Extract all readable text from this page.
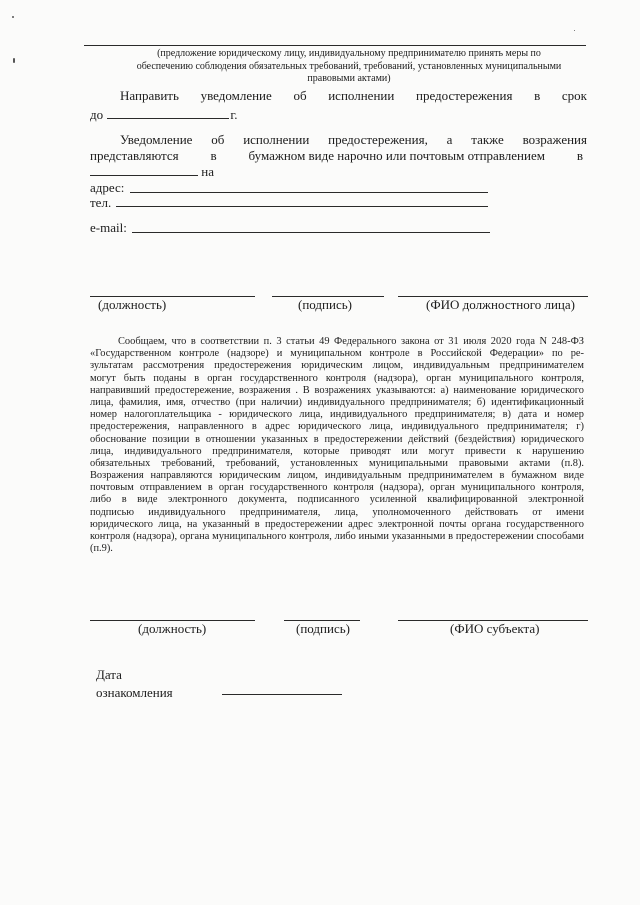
(предложение юридическому лицу, индивидуальному предпринимателю принять меры по
обеспечению соблюдения обязательных требований, требований, установленных муниципальными
правовыми актами)
Направить уведомление об исполнении предостережения в срок
до	г.
Уведомление об исполнении предостережения, а также возражения
представляются в бумажном виде нарочно или почтовым отправлением в
на
адрес:
тел.
e-mail:
(должность)	(подпись)	(ФИО должностного лица)
Сообщаем, что в соответствии п. 3 статьи 49 Федерального закона от 31 июля 2020 года N 248-ФЗ
«Государственном контроле (надзоре) и муниципальном контроле в Российской Федерации» по ре-
зультатам рассмотрения предостережения юридическим лицом, индивидуальным предпринимателем
могут быть поданы в орган государственного контроля (надзора), орган муниципального контроля,
направивший предостережение, возражения . В возражениях указываются: а) наименование юридического
лица, фамилия, имя, отчество (при наличии) индивидуального предпринимателя; б) идентификационный
номер налогоплательщика - юридического лица, индивидуального предпринимателя; в) дата и номер
предостережения, направленного в адрес юридического лица, индивидуального предпринимателя; г)
обоснование позиции в отношении указанных в предостережении действий (бездействия) юридического
лица, индивидуального предпринимателя, которые приводят или могут привести к нарушению
обязательных требований, требований, установленных муниципальными правовыми актами (п.8).
Возражения направляются юридическим лицом, индивидуальным предпринимателем в бумажном виде
почтовым отправлением в орган государственного контроля (надзора), орган муниципального контроля,
либо в виде электронного документа, подписанного усиленной квалифицированной электронной
подписью индивидуального предпринимателя, лица, уполномоченного действовать от имени
юридического лица, на указанный в предостережении адрес электронной почты органа государственного
контроля (надзора), органа муниципального контроля, либо иными указанными в предостережении способами
(п.9).
(должность)	(подпись)	(ФИО субъекта)
Дата
ознакомления
